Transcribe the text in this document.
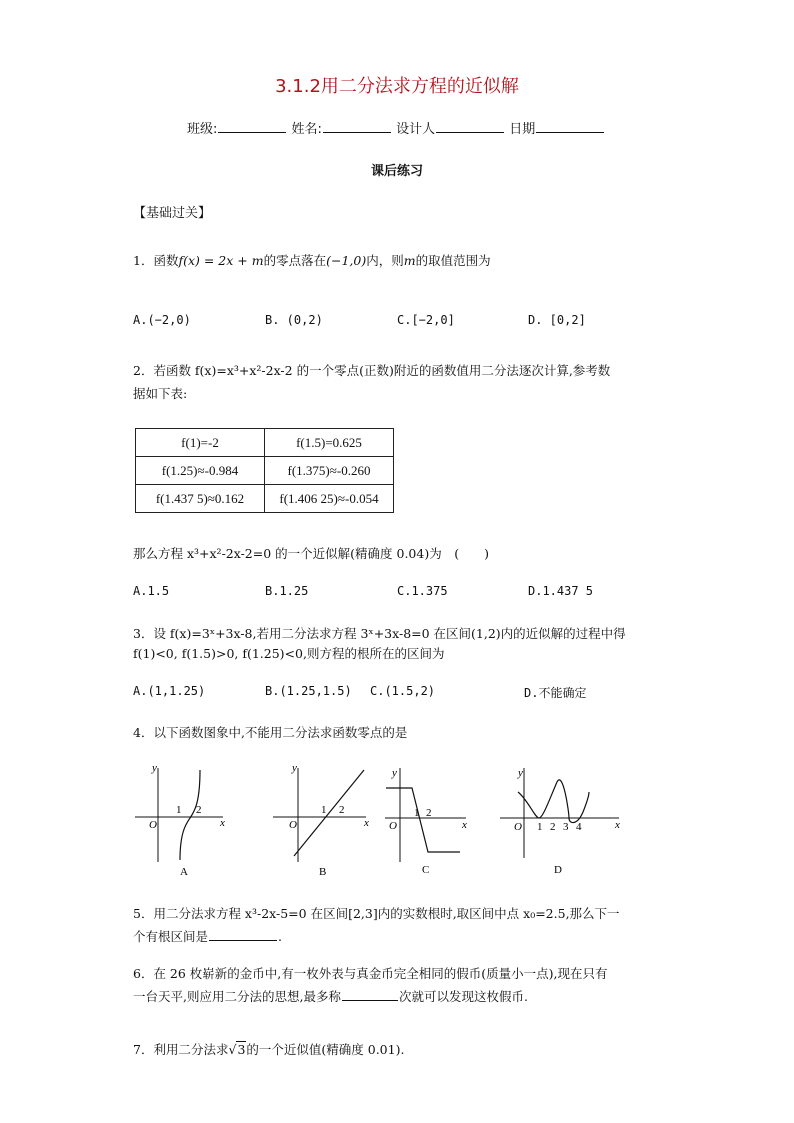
3.1.2用二分法求方程的近似解
班级:	姓名:	设计人	日期
课后练习
【基础过关】
1．函数f(x) = 2x + m的零点落在(−1,0)内，则m的取值范围为
A.(−2,0)	B. (0,2)	C.[−2,0]	D. [0,2]
2．若函数 f(x)=x³+x²-2x-2 的一个零点(正数)附近的函数值用二分法逐次计算,参考数
据如下表:
f(1)=-2	f(1.5)=0.625
f(1.25)≈-0.984	f(1.375)≈-0.260
f(1.437 5)≈0.162	f(1.406 25)≈-0.054
那么方程 x³+x²-2x-2=0 的一个近似解(精确度 0.04)为　(　　)
A.1.5	B.1.25	C.1.375	D.1.437 5
3．设 f(x)=3ˣ+3x-8,若用二分法求方程 3ˣ+3x-8=0 在区间(1,2)内的近似解的过程中得
f(1)<0, f(1.5)>0, f(1.25)<0,则方程的根所在的区间为
A.(1,1.25)	B.(1.25,1.5) C.(1.5,2)	D.不能确定
4．以下函数图象中,不能用二分法求函数零点的是
y
x
O
1 2
A
y
x
O
1 2
B
y
x
O
1 2
C
y
x
O 1 2 3 4
D
5．用二分法求方程 x³-2x-5=0 在区间[2,3]内的实数根时,取区间中点 x₀=2.5,那么下一
个有根区间是	.
6．在 26 枚崭新的金币中,有一枚外表与真金币完全相同的假币(质量小一点),现在只有
一台天平,则应用二分法的思想,最多称	次就可以发现这枚假币.
7．利用二分法求√3的一个近似值(精确度 0.01).
